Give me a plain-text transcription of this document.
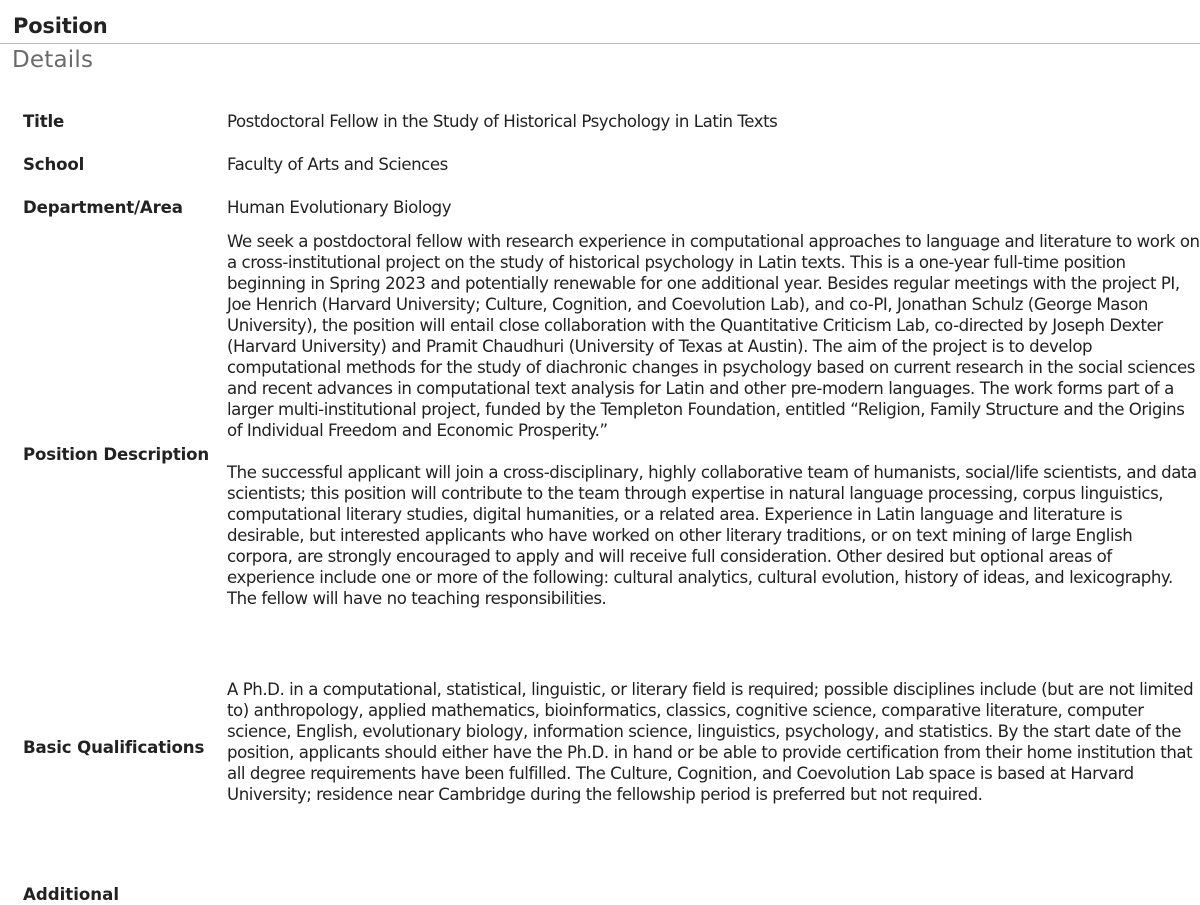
Position
Details
Title	Postdoctoral Fellow in the Study of Historical Psychology in Latin Texts
School	Faculty of Arts and Sciences
Department/Area	Human Evolutionary Biology
Position Description	We seek a postdoctoral fellow with research experience in computational approaches to language and literature to work on a cross-institutional project on the study of historical psychology in Latin texts. This is a one-year full-time position beginning in Spring 2023 and potentially renewable for one additional year. Besides regular meetings with the project PI, Joe Henrich (Harvard University; Culture, Cognition, and Coevolution Lab), and co-PI, Jonathan Schulz (George Mason University), the position will entail close collaboration with the Quantitative Criticism Lab, co-directed by Joseph Dexter (Harvard University) and Pramit Chaudhuri (University of Texas at Austin). The aim of the project is to develop computational methods for the study of diachronic changes in psychology based on current research in the social sciences and recent advances in computational text analysis for Latin and other pre-modern languages. The work forms part of a larger multi-institutional project, funded by the Templeton Foundation, entitled “Religion, Family Structure and the Origins of Individual Freedom and Economic Prosperity.”

The successful applicant will join a cross-disciplinary, highly collaborative team of humanists, social/life scientists, and data scientists; this position will contribute to the team through expertise in natural language processing, corpus linguistics, computational literary studies, digital humanities, or a related area. Experience in Latin language and literature is desirable, but interested applicants who have worked on other literary traditions, or on text mining of large English corpora, are strongly encouraged to apply and will receive full consideration. Other desired but optional areas of experience include one or more of the following: cultural analytics, cultural evolution, history of ideas, and lexicography. The fellow will have no teaching responsibilities.

Basic Qualifications	A Ph.D. in a computational, statistical, linguistic, or literary field is required; possible disciplines include (but are not limited to) anthropology, applied mathematics, bioinformatics, classics, cognitive science, comparative literature, computer science, English, evolutionary biology, information science, linguistics, psychology, and statistics. By the start date of the position, applicants should either have the Ph.D. in hand or be able to provide certification from their home institution that all degree requirements have been fulfilled. The Culture, Cognition, and Coevolution Lab space is based at Harvard University; residence near Cambridge during the fellowship period is preferred but not required.

Additional
